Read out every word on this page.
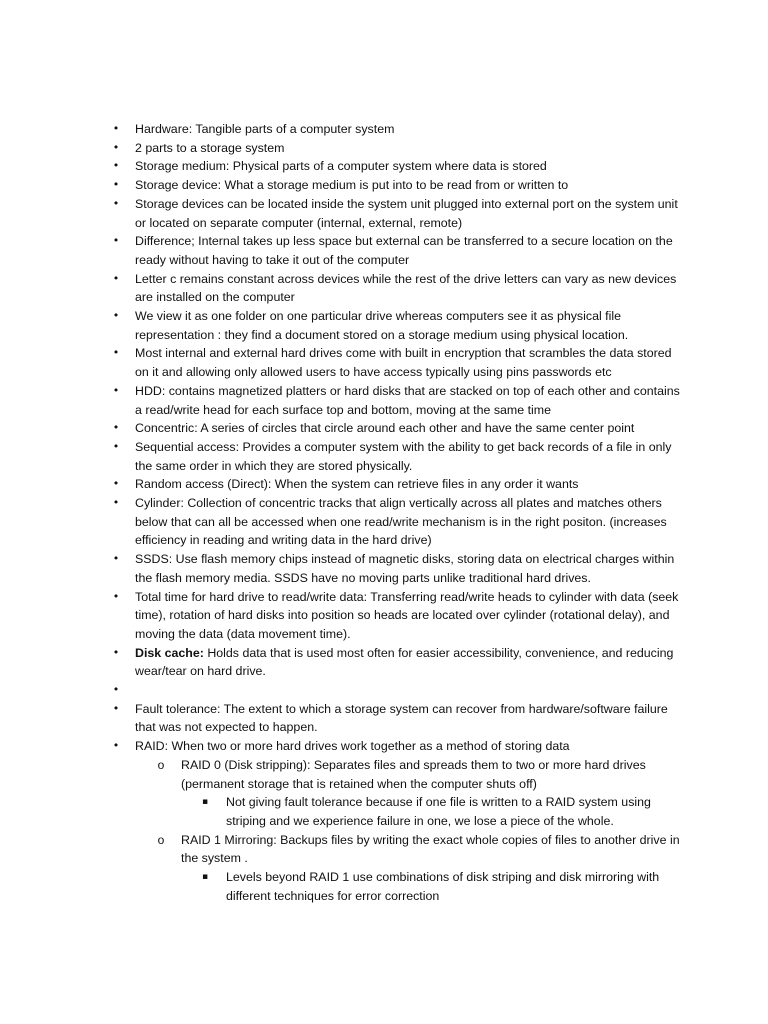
• Hardware: Tangible parts of a computer system
• 2 parts to a storage system
• Storage medium: Physical parts of a computer system where data is stored
• Storage device: What a storage medium is put into to be read from or written to
• Storage devices can be located inside the system unit plugged into external port on the system unit or located on separate computer (internal, external, remote)
• Difference; Internal takes up less space but external can be transferred to a secure location on the ready without having to take it out of the computer
• Letter c remains constant across devices while the rest of the drive letters can vary as new devices are installed on the computer
• We view it as one folder on one particular drive whereas computers see it as physical file representation : they find a document stored on a storage medium using physical location.
• Most internal and external hard drives come with built in encryption that scrambles the data stored on it and allowing only allowed users to have access typically using pins passwords etc
• HDD: contains magnetized platters or hard disks that are stacked on top of each other and contains a read/write head for each surface top and bottom, moving at the same time
• Concentric: A series of circles that circle around each other and have the same center point
• Sequential access: Provides a computer system with the ability to get back records of a file in only the same order in which they are stored physically.
• Random access (Direct): When the system can retrieve files in any order it wants
• Cylinder: Collection of concentric tracks that align vertically across all plates and matches others below that can all be accessed when one read/write mechanism is in the right positon. (increases efficiency in reading and writing data in the hard drive)
• SSDS: Use flash memory chips instead of magnetic disks, storing data on electrical charges within the flash memory media. SSDS have no moving parts unlike traditional hard drives.
• Total time for hard drive to read/write data: Transferring read/write heads to cylinder with data (seek time), rotation of hard disks into position so heads are located over cylinder (rotational delay), and moving the data (data movement time).
• Disk cache: Holds data that is used most often for easier accessibility, convenience, and reducing wear/tear on hard drive.
•
• Fault tolerance: The extent to which a storage system can recover from hardware/software failure that was not expected to happen.
• RAID: When two or more hard drives work together as a method of storing data
o RAID 0 (Disk stripping): Separates files and spreads them to two or more hard drives (permanent storage that is retained when the computer shuts off)
▪ Not giving fault tolerance because if one file is written to a RAID system using striping and we experience failure in one, we lose a piece of the whole.
o RAID 1 Mirroring: Backups files by writing the exact whole copies of files to another drive in the system .
▪ Levels beyond RAID 1 use combinations of disk striping and disk mirroring with different techniques for error correction
